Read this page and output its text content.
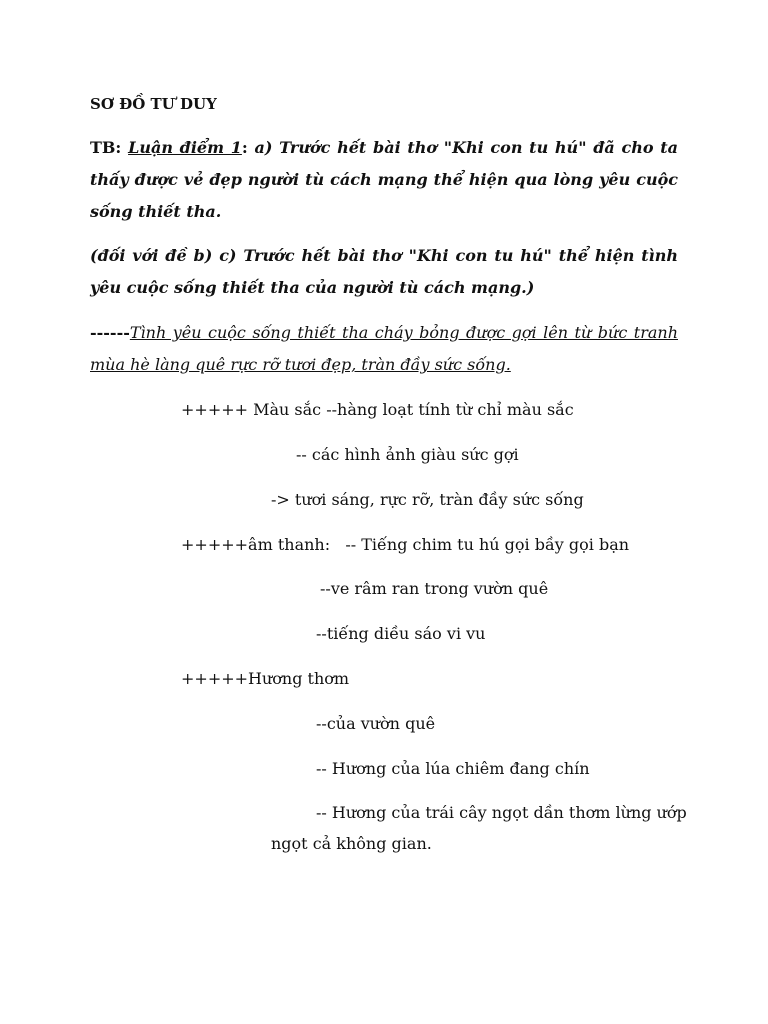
SƠ ĐỒ TƯ DUY
TB: Luận điểm 1: a) Trước hết bài thơ "Khi con tu hú" đã cho ta thấy được vẻ đẹp người tù cách mạng thể hiện qua lòng yêu cuộc sống thiết tha.
(đối với đề b) c) Trước hết bài thơ "Khi con tu hú" thể hiện tình yêu cuộc sống thiết tha của người tù cách mạng.)
------Tình yêu cuộc sống thiết tha cháy bỏng được gợi lên từ bức tranh mùa hè làng quê rực rỡ tươi đẹp, tràn đầy sức sống.
+++++ Màu sắc --hàng loạt tính từ chỉ màu sắc
-- các hình ảnh giàu sức gợi
-> tươi sáng, rực rỡ, tràn đầy sức sống
+++++âm thanh:   -- Tiếng chim tu hú gọi bầy gọi bạn
--ve râm ran trong vườn quê
--tiếng diều sáo vi vu
+++++Hương thơm
--của vườn quê
-- Hương của lúa chiêm đang chín
-- Hương của trái cây ngọt dần thơm lừng ướp
ngọt cả không gian.
